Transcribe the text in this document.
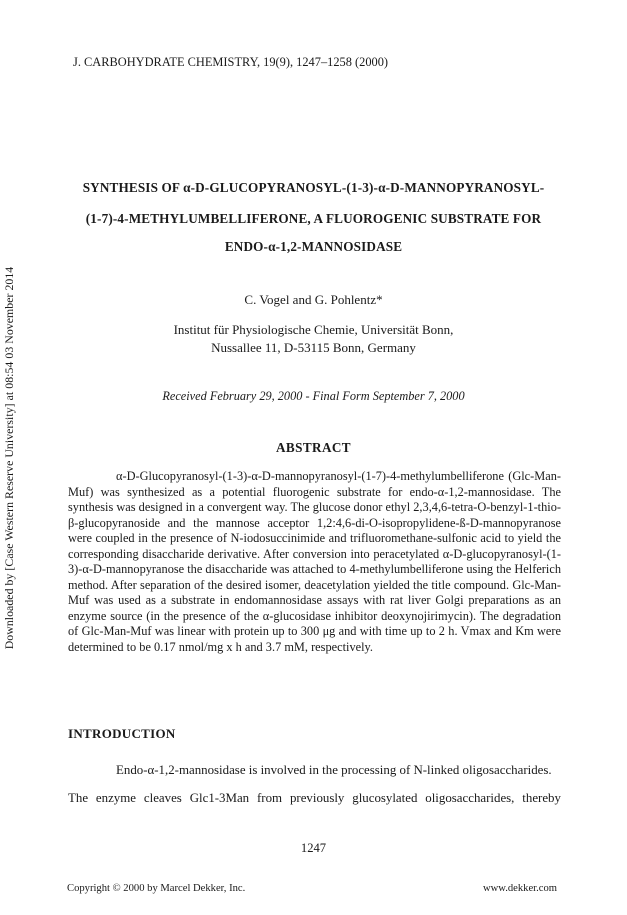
Downloaded by [Case Western Reserve University] at 08:54 03 November 2014
J. CARBOHYDRATE CHEMISTRY, 19(9), 1247–1258 (2000)
SYNTHESIS OF α-D-GLUCOPYRANOSYL-(1-3)-α-D-MANNOPYRANOSYL-
(1-7)-4-METHYLUMBELLIFERONE, A FLUOROGENIC SUBSTRATE FOR
ENDO-α-1,2-MANNOSIDASE
C. Vogel and G. Pohlentz*
Institut für Physiologische Chemie, Universität Bonn,
Nussallee 11, D-53115 Bonn, Germany
Received February 29, 2000 - Final Form September 7, 2000
ABSTRACT
α-D-Glucopyranosyl-(1-3)-α-D-mannopyranosyl-(1-7)-4-methylumbelliferone (Glc-Man-Muf) was synthesized as a potential fluorogenic substrate for endo-α-1,2-mannosidase. The synthesis was designed in a convergent way. The glucose donor ethyl 2,3,4,6-tetra-O-benzyl-1-thio-β-glucopyranoside and the mannose acceptor 1,2:4,6-di-O-isopropylidene-ß-D-mannopyranose were coupled in the presence of N-iodosuccinimide and trifluoromethane-sulfonic acid to yield the corresponding disaccharide derivative. After conversion into peracetylated α-D-glucopyranosyl-(1-3)-α-D-mannopyranose the disaccharide was attached to 4-methylumbelliferone using the Helferich method. After separation of the desired isomer, deacetylation yielded the title compound. Glc-Man-Muf was used as a substrate in endomannosidase assays with rat liver Golgi preparations as an enzyme source (in the presence of the α-glucosidase inhibitor deoxynojirimycin). The degradation of Glc-Man-Muf was linear with protein up to 300 μg and with time up to 2 h. Vmax and Km were determined to be 0.17 nmol/mg x h and 3.7 mM, respectively.
INTRODUCTION
Endo-α-1,2-mannosidase is involved in the processing of N-linked oligosaccharides.
The enzyme cleaves Glc1-3Man from previously glucosylated oligosaccharides, thereby
1247
Copyright © 2000 by Marcel Dekker, Inc.	www.dekker.com
